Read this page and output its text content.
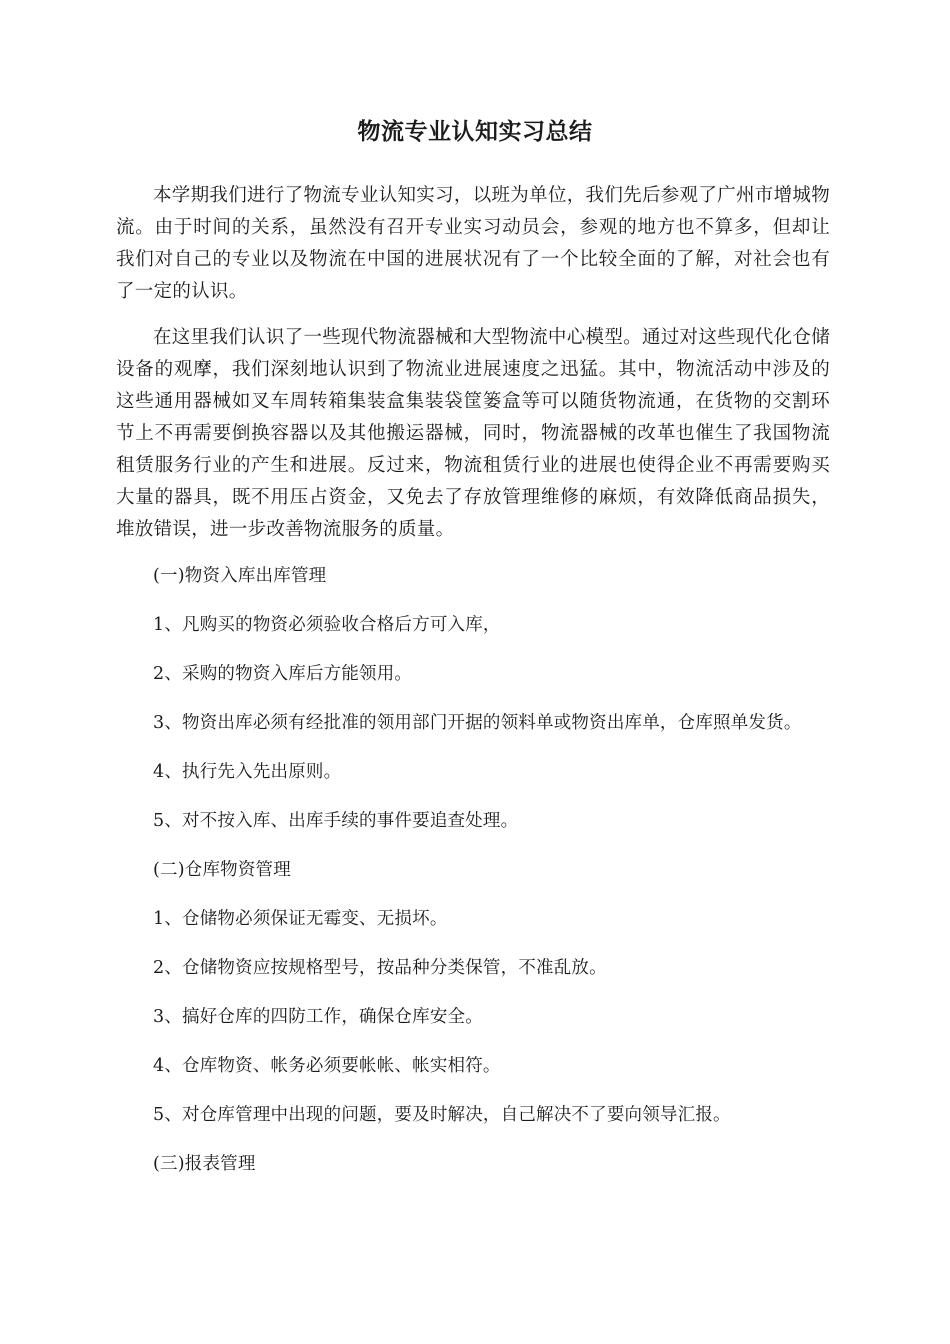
物流专业认知实习总结

本学期我们进行了物流专业认知实习，以班为单位，我们先后参观了广州市增城物流。由于时间的关系，虽然没有召开专业实习动员会，参观的地方也不算多，但却让我们对自己的专业以及物流在中国的进展状况有了一个比较全面的了解，对社会也有了一定的认识。

在这里我们认识了一些现代物流器械和大型物流中心模型。通过对这些现代化仓储设备的观摩，我们深刻地认识到了物流业进展速度之迅猛。其中，物流活动中涉及的这些通用器械如叉车周转箱集装盒集装袋筐篓盒等可以随货物流通，在货物的交割环节上不再需要倒换容器以及其他搬运器械，同时，物流器械的改革也催生了我国物流租赁服务行业的产生和进展。反过来，物流租赁行业的进展也使得企业不再需要购买大量的器具，既不用压占资金，又免去了存放管理维修的麻烦，有效降低商品损失，堆放错误，进一步改善物流服务的质量。

(一)物资入库出库管理

1、凡购买的物资必须验收合格后方可入库，

2、采购的物资入库后方能领用。

3、物资出库必须有经批准的领用部门开据的领料单或物资出库单，仓库照单发货。

4、执行先入先出原则。

5、对不按入库、出库手续的事件要追查处理。

(二)仓库物资管理

1、仓储物必须保证无霉变、无损坏。

2、仓储物资应按规格型号，按品种分类保管，不准乱放。

3、搞好仓库的四防工作，确保仓库安全。

4、仓库物资、帐务必须要帐帐、帐实相符。

5、对仓库管理中出现的问题，要及时解决，自己解决不了要向领导汇报。

(三)报表管理
